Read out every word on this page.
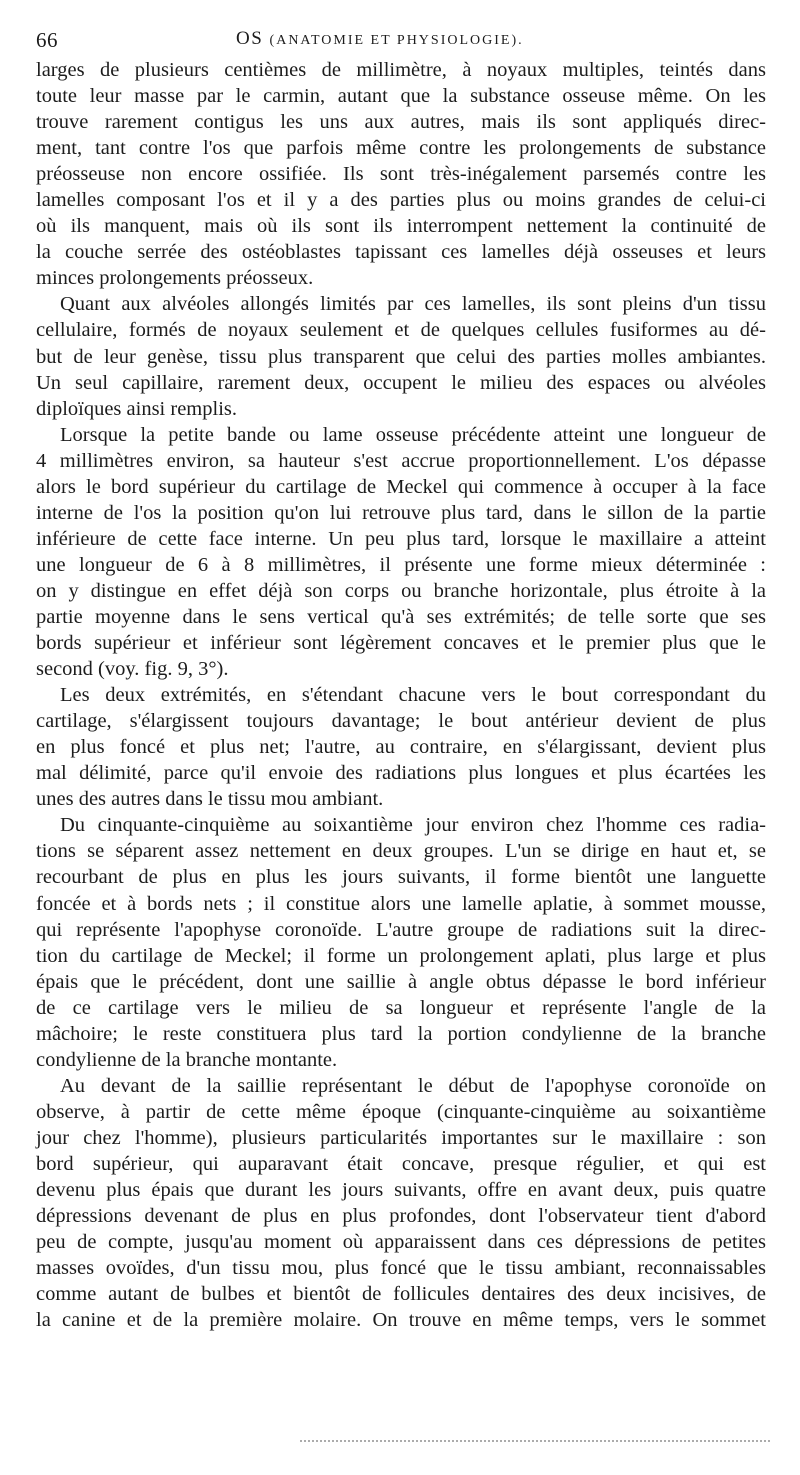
66	OS (ANATOMIE ET PHYSIOLOGIE).
larges de plusieurs centièmes de millimètre, à noyaux multiples, teintés dans
toute leur masse par le carmin, autant que la substance osseuse même. On les
trouve rarement contigus les uns aux autres, mais ils sont appliqués direc-
ment, tant contre l'os que parfois même contre les prolongements de substance
préosseuse non encore ossifiée. Ils sont très-inégalement parsemés contre les
lamelles composant l'os et il y a des parties plus ou moins grandes de celui-ci
où ils manquent, mais où ils sont ils interrompent nettement la continuité de
la couche serrée des ostéoblastes tapissant ces lamelles déjà osseuses et leurs
minces prolongements préosseux.
Quant aux alvéoles allongés limités par ces lamelles, ils sont pleins d'un tissu
cellulaire, formés de noyaux seulement et de quelques cellules fusiformes au dé-
but de leur genèse, tissu plus transparent que celui des parties molles ambiantes.
Un seul capillaire, rarement deux, occupent le milieu des espaces ou alvéoles
diploïques ainsi remplis.
Lorsque la petite bande ou lame osseuse précédente atteint une longueur de
4 millimètres environ, sa hauteur s'est accrue proportionnellement. L'os dépasse
alors le bord supérieur du cartilage de Meckel qui commence à occuper à la face
interne de l'os la position qu'on lui retrouve plus tard, dans le sillon de la partie
inférieure de cette face interne. Un peu plus tard, lorsque le maxillaire a atteint
une longueur de 6 à 8 millimètres, il présente une forme mieux déterminée :
on y distingue en effet déjà son corps ou branche horizontale, plus étroite à la
partie moyenne dans le sens vertical qu'à ses extrémités; de telle sorte que ses
bords supérieur et inférieur sont légèrement concaves et le premier plus que le
second (voy. fig. 9, 3°).
Les deux extrémités, en s'étendant chacune vers le bout correspondant du
cartilage, s'élargissent toujours davantage; le bout antérieur devient de plus
en plus foncé et plus net; l'autre, au contraire, en s'élargissant, devient plus
mal délimité, parce qu'il envoie des radiations plus longues et plus écartées les
unes des autres dans le tissu mou ambiant.
Du cinquante-cinquième au soixantième jour environ chez l'homme ces radia-
tions se séparent assez nettement en deux groupes. L'un se dirige en haut et, se
recourbant de plus en plus les jours suivants, il forme bientôt une languette
foncée et à bords nets ; il constitue alors une lamelle aplatie, à sommet mousse,
qui représente l'apophyse coronoïde. L'autre groupe de radiations suit la direc-
tion du cartilage de Meckel; il forme un prolongement aplati, plus large et plus
épais que le précédent, dont une saillie à angle obtus dépasse le bord inférieur
de ce cartilage vers le milieu de sa longueur et représente l'angle de la
mâchoire; le reste constituera plus tard la portion condylienne de la branche
condylienne de la branche montante.
Au devant de la saillie représentant le début de l'apophyse coronoïde on
observe, à partir de cette même époque (cinquante-cinquième au soixantième
jour chez l'homme), plusieurs particularités importantes sur le maxillaire : son
bord supérieur, qui auparavant était concave, presque régulier, et qui est
devenu plus épais que durant les jours suivants, offre en avant deux, puis quatre
dépressions devenant de plus en plus profondes, dont l'observateur tient d'abord
peu de compte, jusqu'au moment où apparaissent dans ces dépressions de petites
masses ovoïdes, d'un tissu mou, plus foncé que le tissu ambiant, reconnaissables
comme autant de bulbes et bientôt de follicules dentaires des deux incisives, de
la canine et de la première molaire. On trouve en même temps, vers le sommet
